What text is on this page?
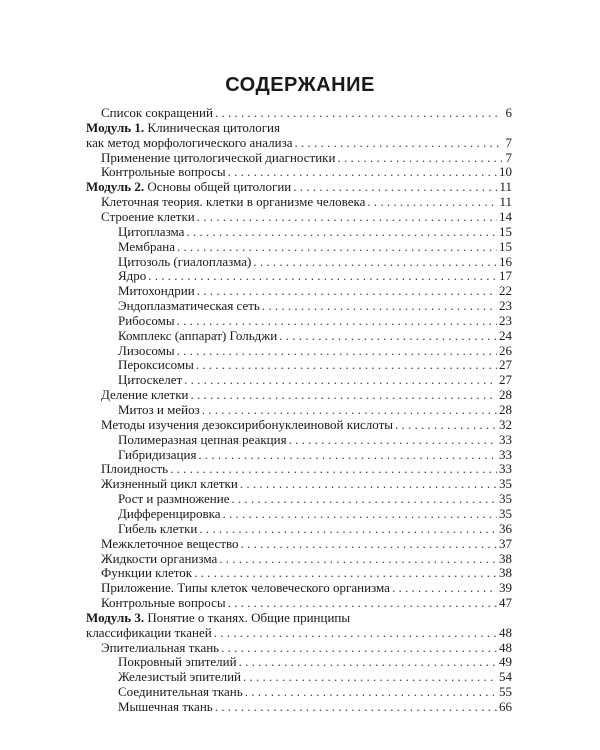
СОДЕРЖАНИЕ
Список сокращений . . .	6
Модуль 1. Клиническая цитология
как метод морфологического анализа . . .	7
Применение цитологической диагностики . . .	7
Контрольные вопросы . . .	10
Модуль 2. Основы общей цитологии . . .	11
Клеточная теория. клетки в организме человека . . .	11
Строение клетки . . .	14
Цитоплазма . . .	15
Мембрана . . .	15
Цитозоль (гиалоплазма) . . .	16
Ядро . . .	17
Митохондрии . . .	22
Эндоплазматическая сеть . . .	23
Рибосомы . . .	23
Комплекс (аппарат) Гольджи . . .	24
Лизосомы . . .	26
Пероксисомы . . .	27
Цитоскелет . . .	27
Деление клетки . . .	28
Митоз и мейоз . . .	28
Методы изучения дезоксирибонуклеиновой кислоты . . .	32
Полимеразная цепная реакция . . .	33
Гибридизация . . .	33
Плоидность . . .	33
Жизненный цикл клетки . . .	35
Рост и размножение . . .	35
Дифференцировка . . .	35
Гибель клетки . . .	36
Межклеточное вещество . . .	37
Жидкости организма . . .	38
Функции клеток . . .	38
Приложение. Типы клеток человеческого организма . . .	39
Контрольные вопросы . . .	47
Модуль 3. Понятие о тканях. Общие принципы
классификации тканей . . .	48
Эпителиальная ткань . . .	48
Покровный эпителий . . .	49
Железистый эпителий . . .	54
Соединительная ткань . . .	55
Мышечная ткань . . .	66
